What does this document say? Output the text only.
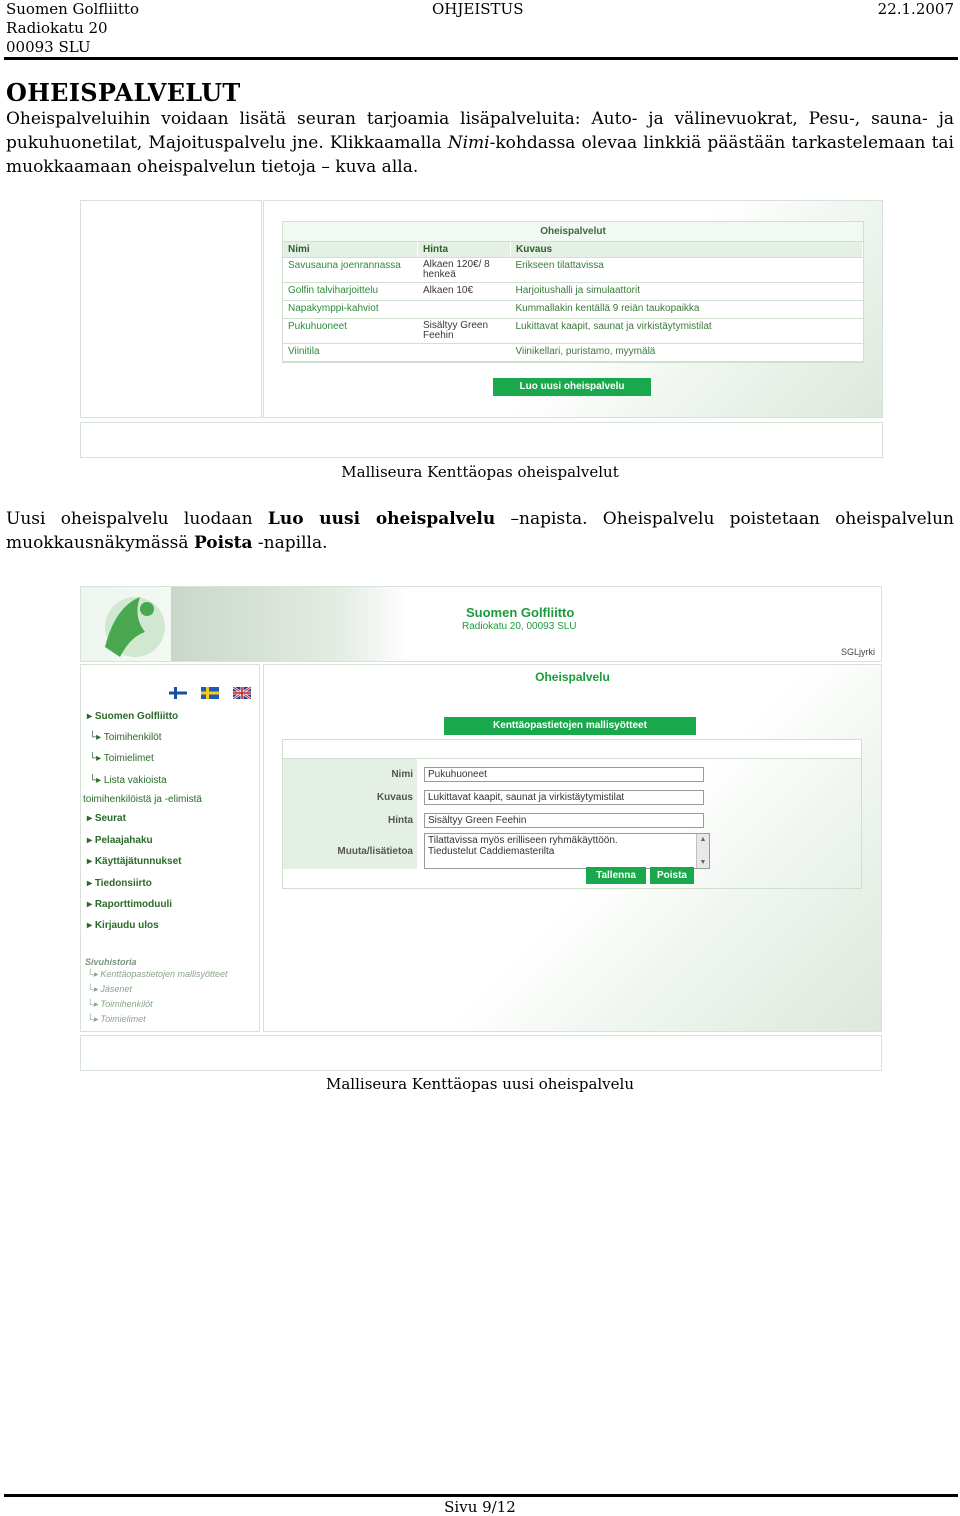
Suomen Golfliitto
Radiokatu 20
00093 SLU
OHJEISTUS	22.1.2007
OHEISPALVELUT
Oheispalveluihin voidaan lisätä seuran tarjoamia lisäpalveluita: Auto- ja välinevuokrat, Pesu-, sauna- ja pukuhuonetilat, Majoituspalvelu jne. Klikkaamalla Nimi-kohdassa olevaa linkkiä päästään tarkastelemaan tai muokkaamaan oheispalvelun tietoja – kuva alla.
Oheispalvelut
Nimi	Hinta	Kuvaus
Savusauna joenrannassa	Alkaen 120€/ 8 henkeä	Erikseen tilattavissa
Golfin talviharjoittelu	Alkaen 10€	Harjoitushalli ja simulaattorit
Napakymppi-kahviot		Kummallakin kentällä 9 reiän taukopaikka
Pukuhuoneet	Sisältyy Green Feehin	Lukittavat kaapit, saunat ja virkistäytymistilat
Viinitila		Viinikellari, puristamo, myymälä
Luo uusi oheispalvelu
Malliseura Kenttäopas oheispalvelut
Uusi oheispalvelu luodaan Luo uusi oheispalvelu –napista. Oheispalvelu poistetaan oheispalvelun muokkausnäkymässä Poista -napilla.
Suomen Golfliitto
Radiokatu 20, 00093 SLU
SGLjyrki
▸ Suomen Golfliitto
└▸ Toimihenkilöt
└▸ Toimielimet
└▸ Lista vakioista
toimihenkilöistä ja -elimistä
▸ Seurat
▸ Pelaajahaku
▸ Käyttäjätunnukset
▸ Tiedonsiirto
▸ Raporttimoduuli
▸ Kirjaudu ulos
Sivuhistoria
└▸ Kenttäopastietojen mallisyötteet
└▸ Jäsenet
└▸ Toimihenkilöt
└▸ Toimielimet
Oheispalvelu
Kenttäopastietojen mallisyötteet
Nimi	Pukuhuoneet
Kuvaus	Lukittavat kaapit, saunat ja virkistäytymistilat
Hinta	Sisältyy Green Feehin
Muuta/lisätietoa
Tilattavissa myös erilliseen ryhmäkäyttöön.
Tiedustelut Caddiemasterilta
▲
▼
Tallenna	Poista
Malliseura Kenttäopas uusi oheispalvelu
Sivu 9/12
